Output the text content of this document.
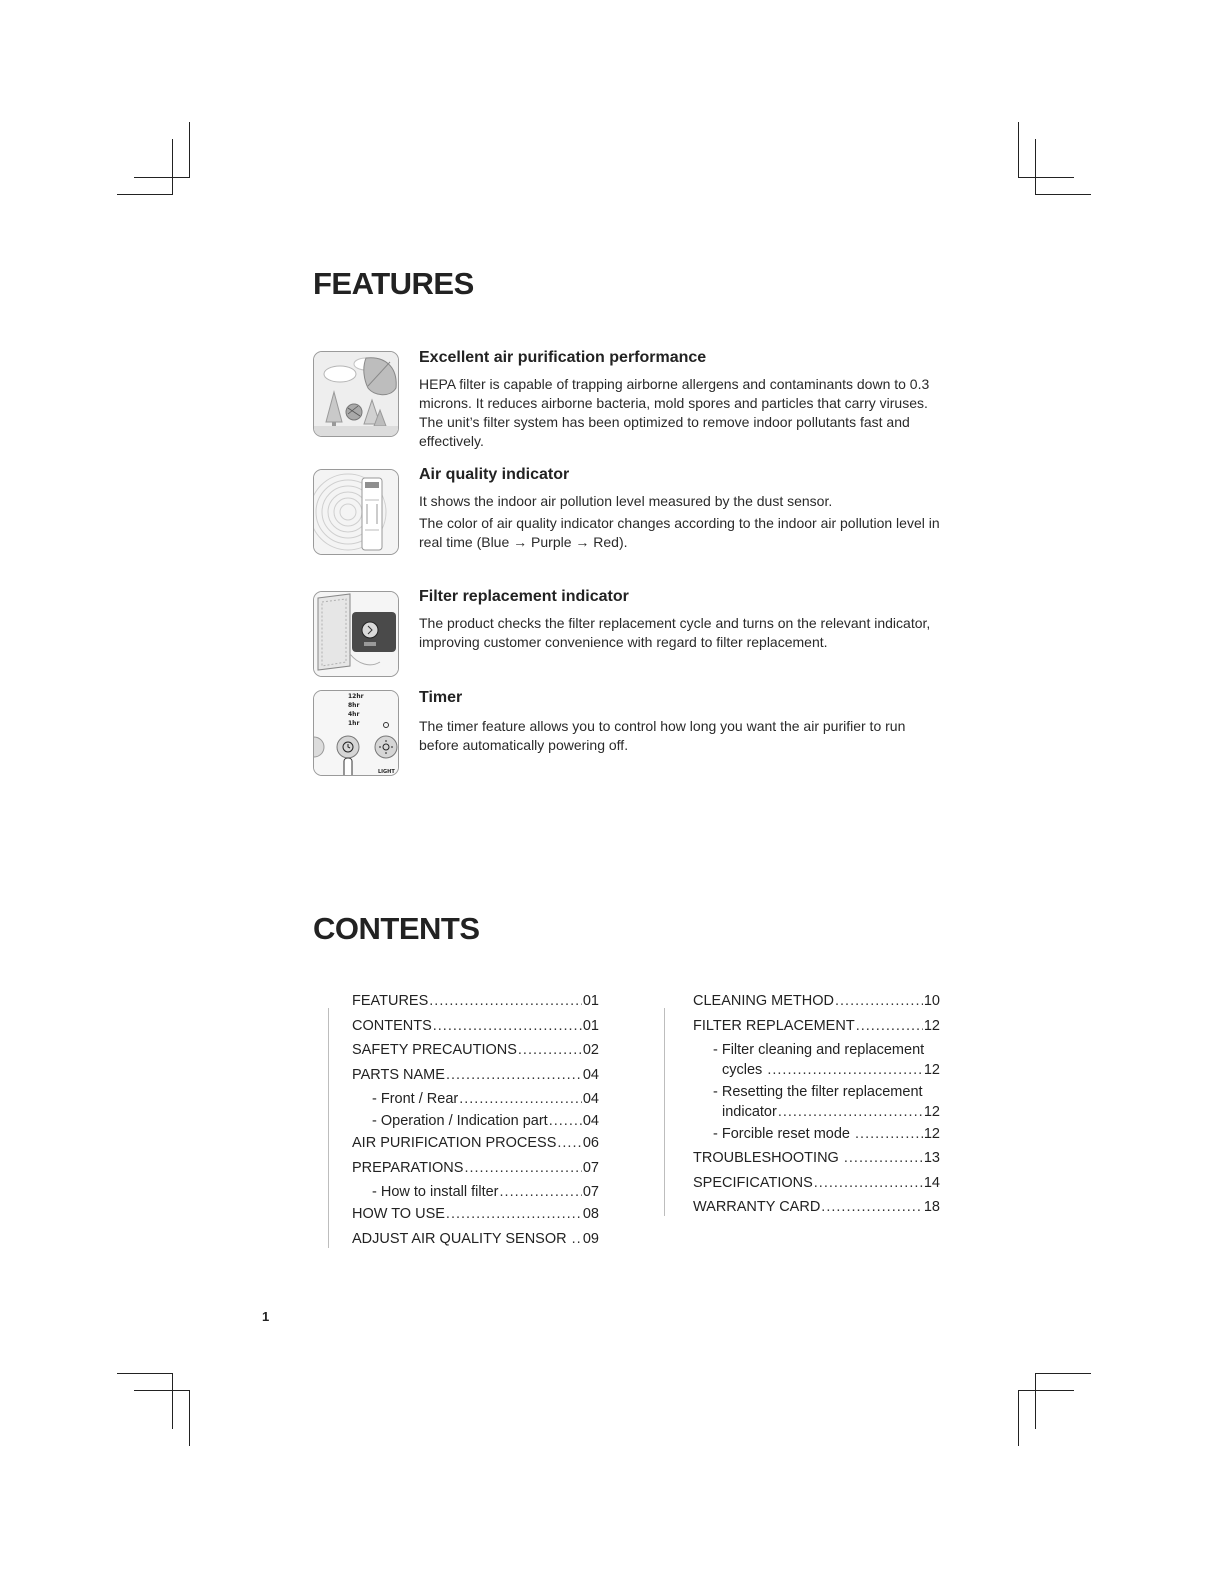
FEATURES
Excellent air purification performance

HEPA filter is capable of trapping airborne allergens and contaminants down to 0.3 microns. It reduces airborne bacteria, mold spores and particles that carry viruses. The unit’s filter system has been optimized to remove indoor pollutants fast and effectively.

Air quality indicator

It shows the indoor air pollution level measured by the dust sensor.

The color of air quality indicator changes according to the indoor air pollution level in real time (Blue → Purple → Red).

Filter replacement indicator

The product checks the filter replacement cycle and turns on the relevant indicator, improving customer convenience with regard to filter replacement.

12hr
8hr
4hr
1hr
LIGHT
Timer

The timer feature allows you to control how long you want the air purifier to run before automatically powering off.

CONTENTS
FEATURES .....	01
CONTENTS .....	01
SAFETY PRECAUTIONS .....	02
PARTS NAME .....	04
- Front / Rear .....	04
- Operation / Indication part ..... 04
AIR PURIFICATION PROCESS ..... 06
PREPARATIONS .....	07
- How to install filter .....	07
HOW TO USE .....	08
ADJUST AIR QUALITY SENSOR ..... 09
CLEANING METHOD .....	10
FILTER REPLACEMENT .....	12
- Filter cleaning and replacement
cycles .....	12
- Resetting the filter replacement
indicator .....	12
- Forcible reset mode .....	12
TROUBLESHOOTING .....	13
SPECIFICATIONS .....	14
WARRANTY CARD .....	18
1
